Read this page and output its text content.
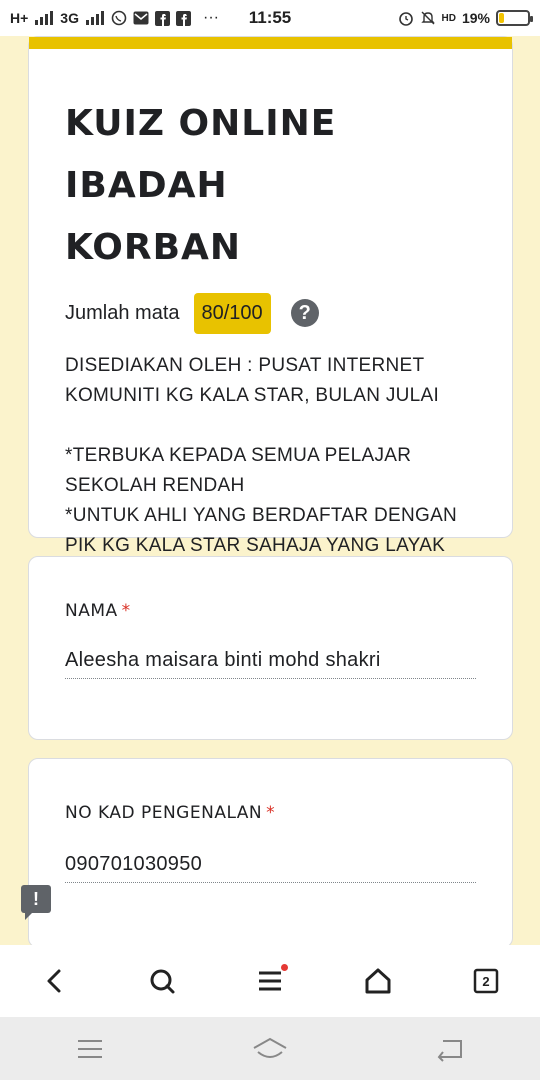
H+ 3G	···	11:55	HD 19%
KUIZ ONLINE IBADAH
KORBAN
Jumlah mata	80/100	?
DISEDIAKAN OLEH : PUSAT INTERNET
KOMUNITI KG KALA STAR, BULAN JULAI
*TERBUKA KEPADA SEMUA PELAJAR
SEKOLAH RENDAH
*UNTUK AHLI YANG BERDAFTAR DENGAN
PIK KG KALA STAR SAHAJA YANG LAYAK
NAMA *
Aleesha maisara binti mohd shakri
NO KAD PENGENALAN *
090701030950
!
2
